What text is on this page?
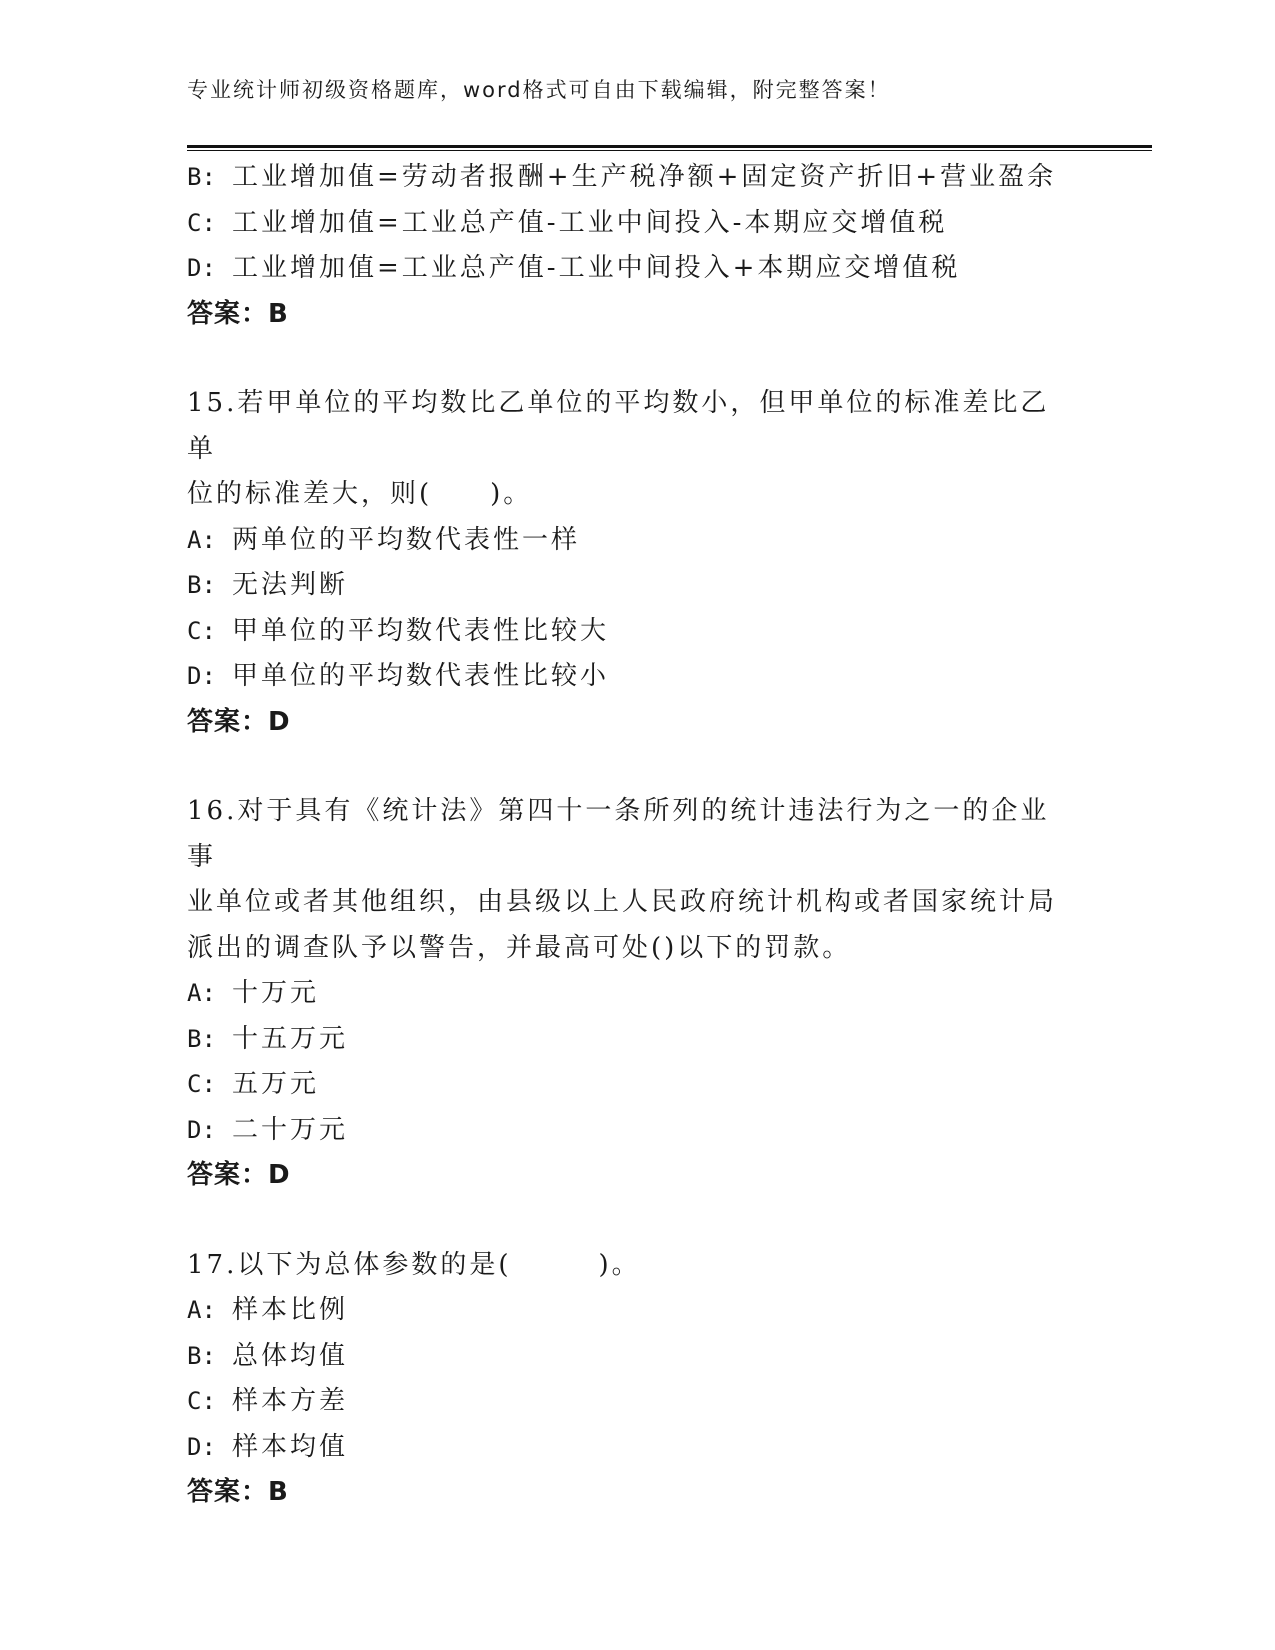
专业统计师初级资格题库，word格式可自由下载编辑，附完整答案！
B: 工业增加值=劳动者报酬+生产税净额+固定资产折旧+营业盈余
C: 工业增加值=工业总产值-工业中间投入-本期应交增值税
D: 工业增加值=工业总产值-工业中间投入+本期应交增值税
答案：B
15.若甲单位的平均数比乙单位的平均数小，但甲单位的标准差比乙单
位的标准差大，则(　　)。
A: 两单位的平均数代表性一样
B: 无法判断
C: 甲单位的平均数代表性比较大
D: 甲单位的平均数代表性比较小
答案：D
16.对于具有《统计法》第四十一条所列的统计违法行为之一的企业事
业单位或者其他组织，由县级以上人民政府统计机构或者国家统计局
派出的调查队予以警告，并最高可处()以下的罚款。
A: 十万元
B: 十五万元
C: 五万元
D: 二十万元
答案：D
17.以下为总体参数的是(　　　)。
A: 样本比例
B: 总体均值
C: 样本方差
D: 样本均值
答案：B
